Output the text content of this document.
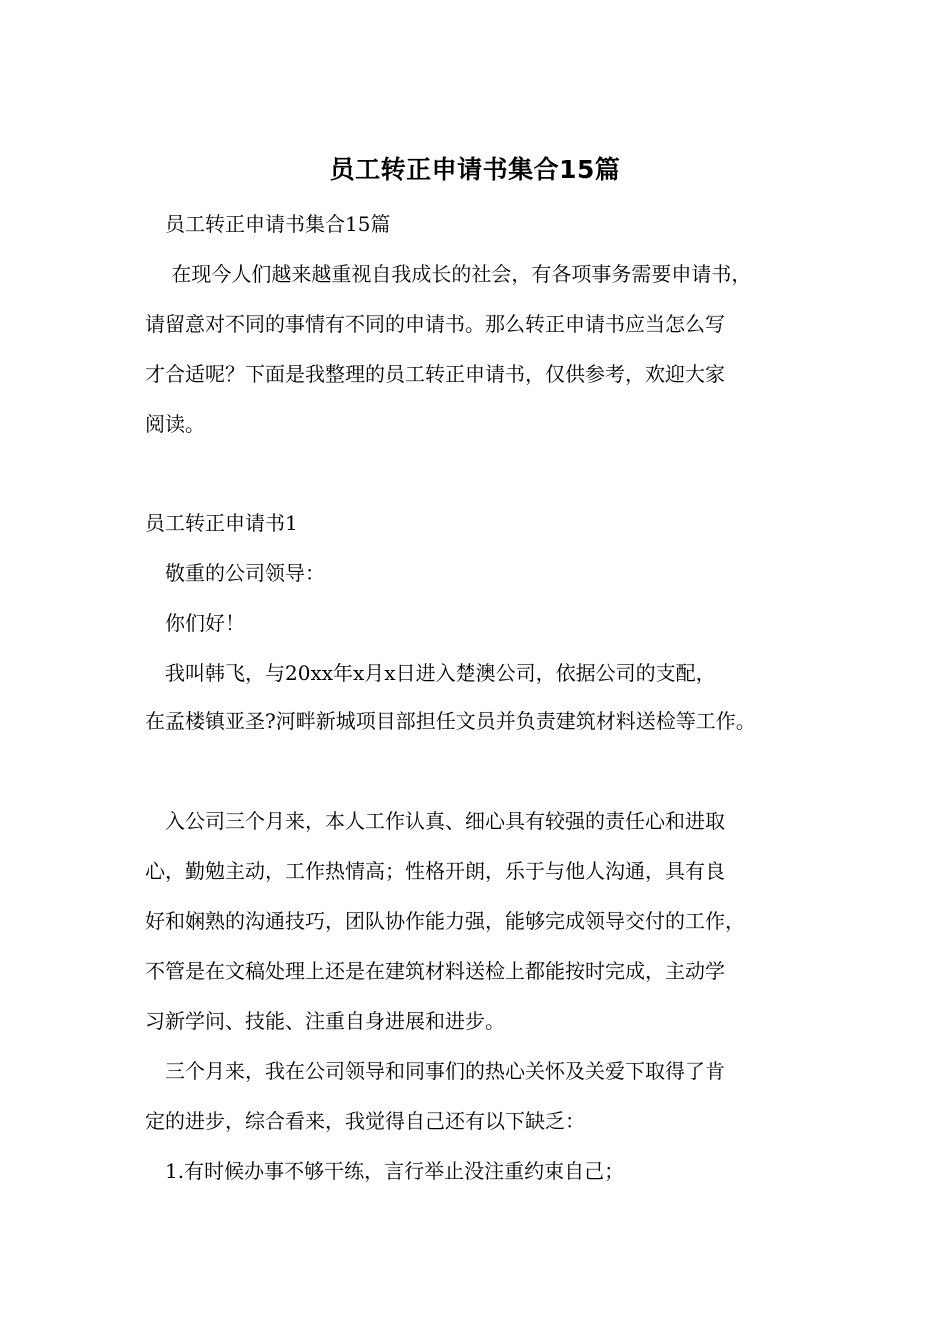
员工转正申请书集合15篇

　员工转正申请书集合15篇

　 在现今人们越来越重视自我成长的社会，有各项事务需要申请书，

请留意对不同的事情有不同的申请书。那么转正申请书应当怎么写

才合适呢？下面是我整理的员工转正申请书，仅供参考，欢迎大家

阅读。

员工转正申请书1

　敬重的公司领导：

　你们好！

　我叫韩飞，与20xx年x月x日进入楚澳公司，依据公司的支配，

在孟楼镇亚圣?河畔新城项目部担任文员并负责建筑材料送检等工作。

　入公司三个月来，本人工作认真、细心具有较强的责任心和进取

心，勤勉主动，工作热情高；性格开朗，乐于与他人沟通，具有良

好和娴熟的沟通技巧，团队协作能力强，能够完成领导交付的工作，

不管是在文稿处理上还是在建筑材料送检上都能按时完成，主动学

习新学问、技能、注重自身进展和进步。

　三个月来，我在公司领导和同事们的热心关怀及关爱下取得了肯

定的进步，综合看来，我觉得自己还有以下缺乏：

　1.有时候办事不够干练，言行举止没注重约束自己；
